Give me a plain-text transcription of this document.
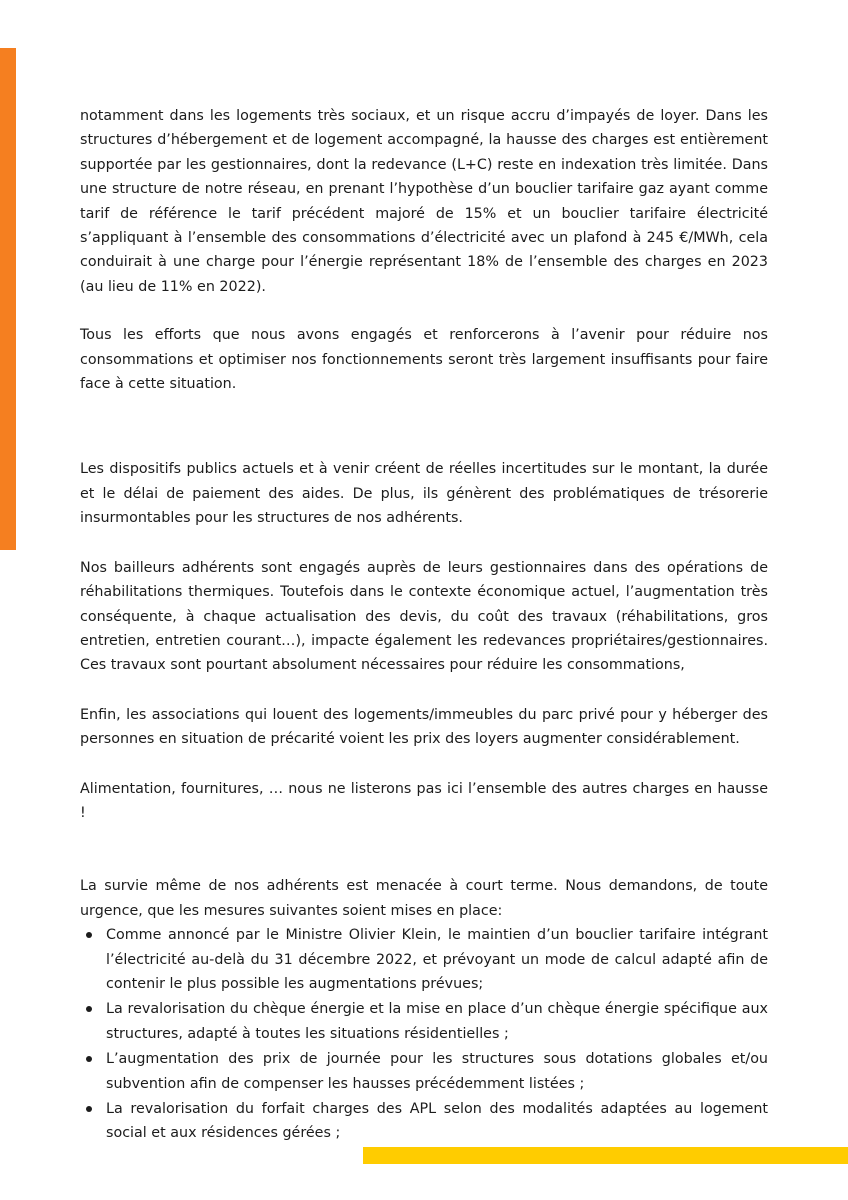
notamment dans les logements très sociaux, et un risque accru d’impayés de loyer. Dans les structures d’hébergement et de logement accompagné, la hausse des charges est entièrement supportée par les gestionnaires, dont la redevance (L+C) reste en indexation très limitée. Dans une structure de notre réseau, en prenant l’hypothèse d’un bouclier tarifaire gaz ayant comme tarif de référence le tarif précédent majoré de 15% et un bouclier tarifaire électricité s’appliquant à l’ensemble des consommations d’électricité avec un plafond à 245 €/MWh, cela conduirait à une charge pour l’énergie représentant 18% de l’ensemble des charges en 2023 (au lieu de 11% en 2022).

Tous les efforts que nous avons engagés et renforcerons à l’avenir pour réduire nos consommations et optimiser nos fonctionnements seront très largement insuffisants pour faire face à cette situation.

Les dispositifs publics actuels et à venir créent de réelles incertitudes sur le montant, la durée et le délai de paiement des aides. De plus, ils génèrent des problématiques de trésorerie insurmontables pour les structures de nos adhérents.

Nos bailleurs adhérents sont engagés auprès de leurs gestionnaires dans des opérations de réhabilitations thermiques. Toutefois dans le contexte économique actuel, l’augmentation très conséquente, à chaque actualisation des devis, du coût des travaux (réhabilitations, gros entretien, entretien courant…), impacte également les redevances propriétaires/gestionnaires. Ces travaux sont pourtant absolument nécessaires pour réduire les consommations,

Enfin, les associations qui louent des logements/immeubles du parc privé pour y héberger des personnes en situation de précarité voient les prix des loyers augmenter considérablement.

Alimentation, fournitures, … nous ne listerons pas ici l’ensemble des autres charges en hausse !

La survie même de nos adhérents est menacée à court terme. Nous demandons, de toute urgence, que les mesures suivantes soient mises en place:

Comme annoncé par le Ministre Olivier Klein, le maintien d’un bouclier tarifaire intégrant l’électricité au-delà du 31 décembre 2022, et prévoyant un mode de calcul adapté afin de contenir le plus possible les augmentations prévues;
La revalorisation du chèque énergie et la mise en place d’un chèque énergie spécifique aux structures, adapté à toutes les situations résidentielles ;
L’augmentation des prix de journée pour les structures sous dotations globales et/ou subvention afin de compenser les hausses précédemment listées ;
La revalorisation du forfait charges des APL selon des modalités adaptées au logement social et aux résidences gérées ;
